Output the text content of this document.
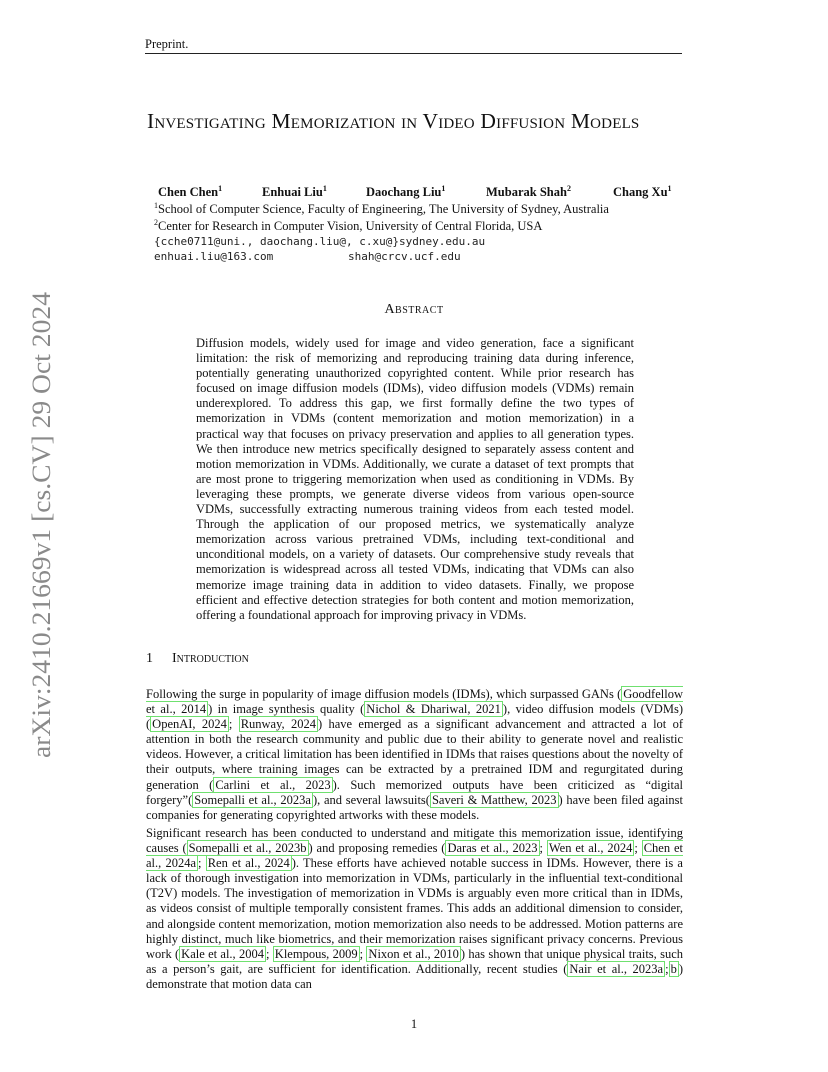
Preprint.
Investigating Memorization in Video Diffusion Models
Chen Chen$^1$	Enhuai Liu$^1$	Daochang Liu$^1$	Mubarak Shah$^2$	Chang Xu$^1$
$^1$School of Computer Science, Faculty of Engineering, The University of Sydney, Australia
$^2$Center for Research in Computer Vision, University of Central Florida, USA
{cche0711@uni., daochang.liu@, c.xu@}sydney.edu.au
enhuai.liu@163.com	shah@crcv.ucf.edu
Abstract
Diffusion models, widely used for image and video generation, face a significant limitation: the risk of memorizing and reproducing training data during inference, potentially generating unauthorized copyrighted content. While prior research has focused on image diffusion models (IDMs), video diffusion models (VDMs) remain underexplored. To address this gap, we first formally define the two types of memorization in VDMs (content memorization and motion memorization) in a practical way that focuses on privacy preservation and applies to all generation types. We then introduce new metrics specifically designed to separately assess content and motion memorization in VDMs. Additionally, we curate a dataset of text prompts that are most prone to triggering memorization when used as conditioning in VDMs. By leveraging these prompts, we generate diverse videos from various open-source VDMs, successfully extracting numerous training videos from each tested model. Through the application of our proposed metrics, we systematically analyze memorization across various pretrained VDMs, including text-conditional and unconditional models, on a variety of datasets. Our comprehensive study reveals that memorization is widespread across all tested VDMs, indicating that VDMs can also memorize image training data in addition to video datasets. Finally, we propose efficient and effective detection strategies for both content and motion memorization, offering a foundational approach for improving privacy in VDMs.
1 Introduction
Following the surge in popularity of image diffusion models (IDMs), which surpassed GANs ( Goodfellow et al., 2014 ) in image synthesis quality ( Nichol & Dhariwal, 2021 ), video diffusion models (VDMs) ( OpenAI, 2024 ; Runway, 2024 ) have emerged as a significant advancement and attracted a lot of attention in both the research community and public due to their ability to generate novel and realistic videos. However, a critical limitation has been identified in IDMs that raises questions about the novelty of their outputs, where training images can be extracted by a pretrained IDM and regurgitated during generation ( Carlini et al., 2023 ). Such memorized outputs have been criticized as “digital forgery”( Somepalli et al., 2023a ), and several lawsuits( Saveri & Matthew, 2023 ) have been filed against companies for generating copyrighted artworks with these models.
Significant research has been conducted to understand and mitigate this memorization issue, identifying causes ( Somepalli et al., 2023b ) and proposing remedies ( Daras et al., 2023 ; Wen et al., 2024 ; Chen et al., 2024a ; Ren et al., 2024 ). These efforts have achieved notable success in IDMs. However, there is a lack of thorough investigation into memorization in VDMs, particularly in the influential text-conditional (T2V) models. The investigation of memorization in VDMs is arguably even more critical than in IDMs, as videos consist of multiple temporally consistent frames. This adds an additional dimension to consider, and alongside content memorization, motion memorization also needs to be addressed. Motion patterns are highly distinct, much like biometrics, and their memorization raises significant privacy concerns. Previous work ( Kale et al., 2004 ; Klempous, 2009 ; Nixon et al., 2010 ) has shown that unique physical traits, such as a person’s gait, are sufficient for identification. Additionally, recent studies ( Nair et al., 2023a ; b ) demonstrate that motion data can
arXiv:2410.21669v1 [cs.CV] 29 Oct 2024
1
